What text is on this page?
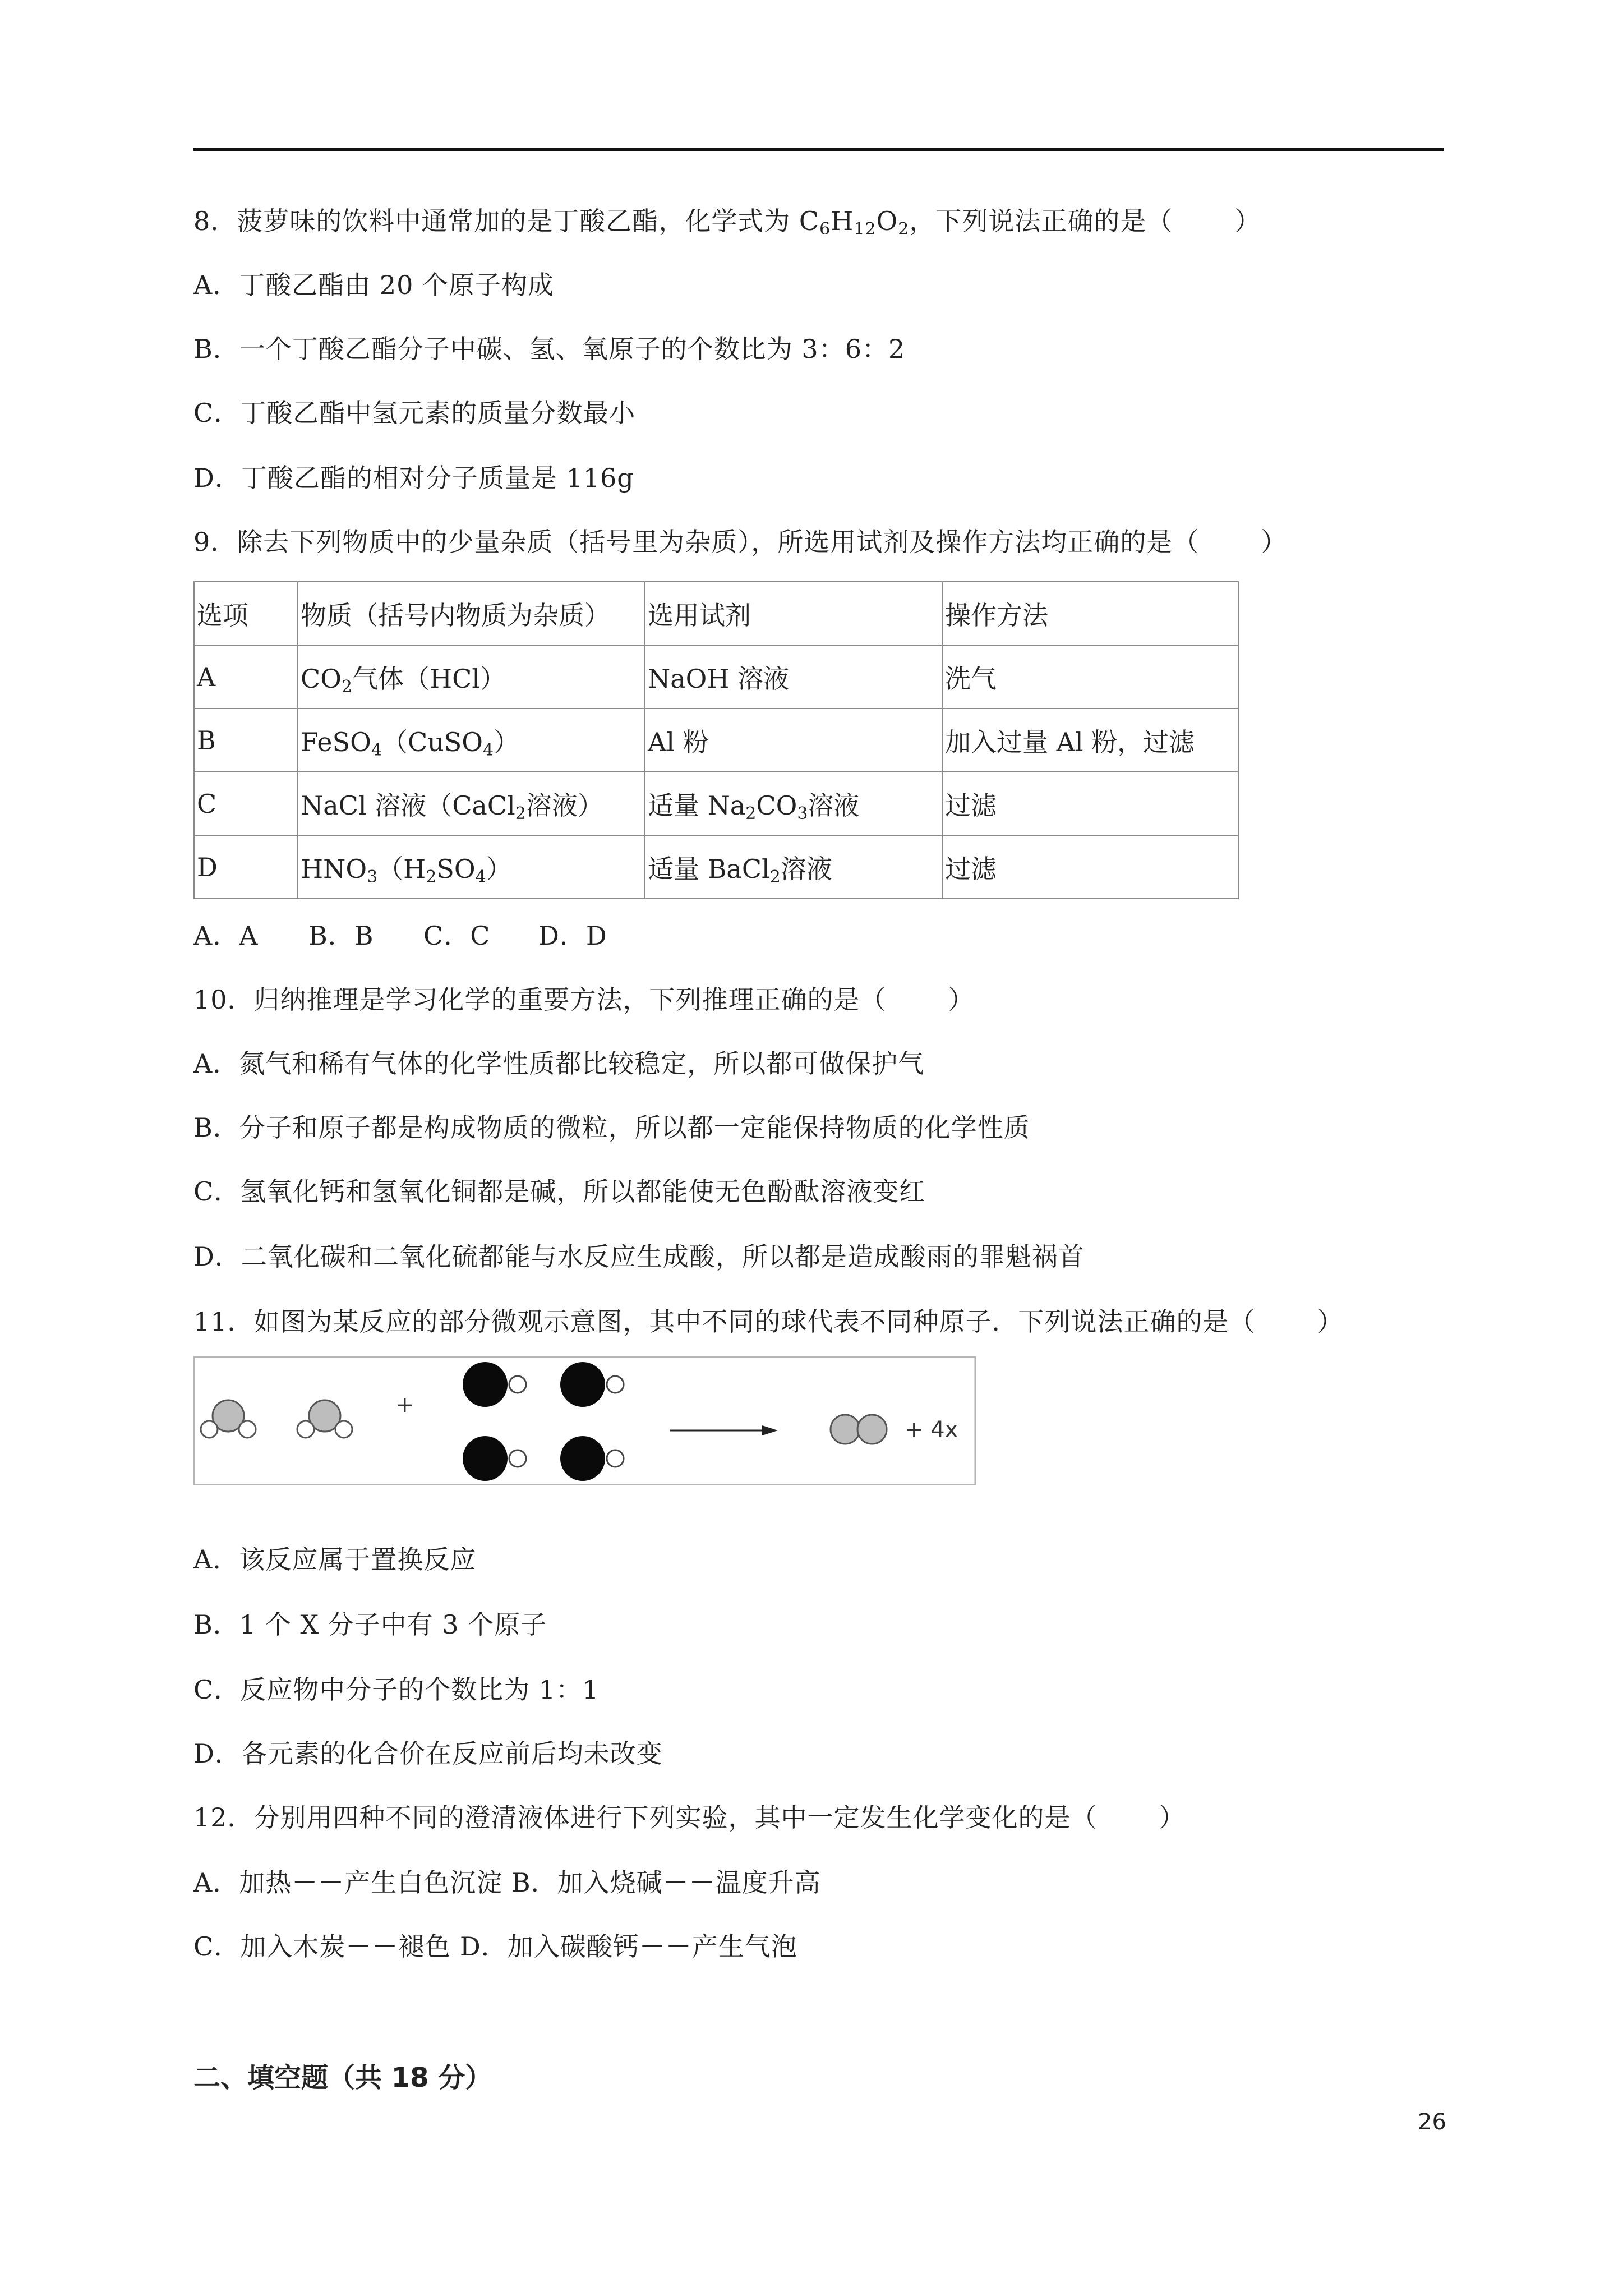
8．菠萝味的饮料中通常加的是丁酸乙酯，化学式为 $C_6H_{12}O_2$，下列说法正确的是（ ）
A．丁酸乙酯由 20 个原子构成
B．一个丁酸乙酯分子中碳、氢、氧原子的个数比为 3：6：2
C．丁酸乙酯中氢元素的质量分数最小
D．丁酸乙酯的相对分子质量是 116g
9．除去下列物质中的少量杂质（括号里为杂质），所选用试剂及操作方法均正确的是（ ）
选项	物质（括号内物质为杂质）	选用试剂	操作方法
A	$CO_2$气体（HCl）	NaOH 溶液	洗气
B	FeSO$_4$（CuSO$_4$）	Al 粉	加入过量 Al 粉，过滤
C	NaCl 溶液（CaCl$_2$溶液）	适量 $Na_2CO_3$溶液	过滤
D	$HNO_3(H_2SO_4)$	适量 BaCl$_2$溶液	过滤
A．A B．B C．C D．D
10．归纳推理是学习化学的重要方法，下列推理正确的是（ ）
A．氮气和稀有气体的化学性质都比较稳定，所以都可做保护气
B．分子和原子都是构成物质的微粒，所以都一定能保持物质的化学性质
C．氢氧化钙和氢氧化铜都是碱，所以都能使无色酚酞溶液变红
D．二氧化碳和二氧化硫都能与水反应生成酸，所以都是造成酸雨的罪魁祸首
11．如图为某反应的部分微观示意图，其中不同的球代表不同种原子．下列说法正确的是（ ）
+
+ 4x
A．该反应属于置换反应
B．1 个 X 分子中有 3 个原子
C．反应物中分子的个数比为 1：1
D．各元素的化合价在反应前后均未改变
12．分别用四种不同的澄清液体进行下列实验，其中一定发生化学变化的是（ ）
A．加热－－产生白色沉淀 B．加入烧碱－－温度升高
C．加入木炭－－褪色 D．加入碳酸钙－－产生气泡
二、填空题（共 18 分）
26
